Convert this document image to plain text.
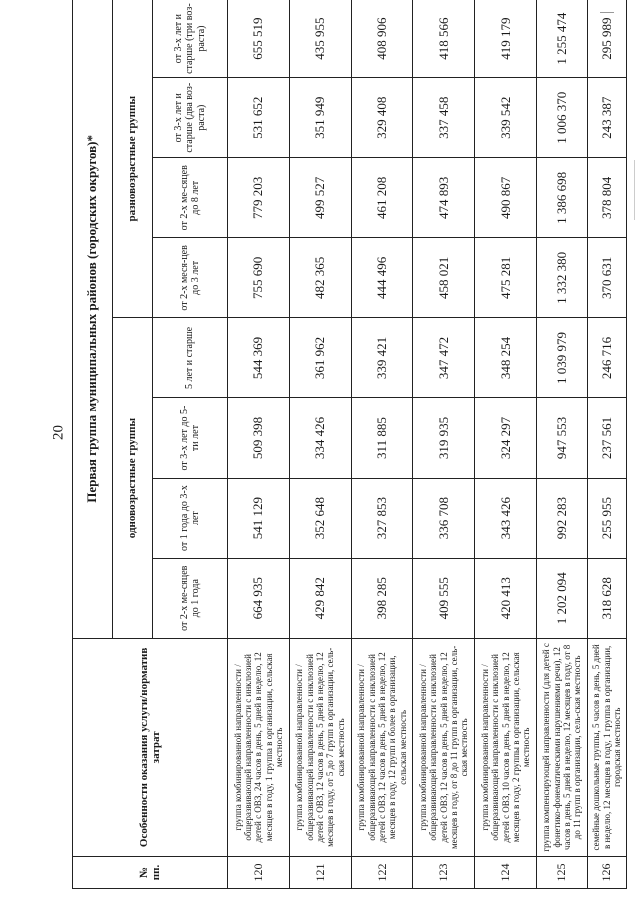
20
№ пп.	Особенности оказания услуги/норматив затрат	Первая группа муниципальных районов (городских округов)*							
		одновозрастные группы				разновозрастные группы			
		от 2-х ме-сяцев до 1 года	от 1 года до 3-х лет	от 3-х лет до 5-ти лет	5 лет и старше	от 2-х меся-цев до 3 лет	от 2-х ме-сяцев до 8 лет	от 3-х лет и старше (два воз-раста)	от 3-х лет и старше (три воз-раста)
120	группа комбинированной направленности / общеразвивающей направленности с инклюзией детей с ОВЗ, 24 часов в день, 5 дней в неделю, 12 месяцев в году, 1 группа в организации, сельская местность	664 935	541 129	509 398	544 369	755 690	779 203	531 652	655 519
121	группа комбинированной направленности / общеразвивающей направленности с инклюзией детей с ОВЗ, 12 часов в день, 5 дней в неделю, 12 месяцев в году, от 5 до 7 групп в организации, сель-ская местность	429 842	352 648	334 426	361 962	482 365	499 527	351 949	435 955
122	группа комбинированной направленности / общеразвивающей направленности с инклюзией детей с ОВЗ, 12 часов в день, 5 дней в неделю, 12 месяцев в году, 12 групп и более в организации, сельская местность	398 285	327 853	311 885	339 421	444 496	461 208	329 408	408 906
123	группа комбинированной направленности / общеразвивающей направленности с инклюзией детей с ОВЗ, 12 часов в день, 5 дней в неделю, 12 месяцев в году, от 8 до 11 групп в организации, сель-ская местность	409 555	336 708	319 935	347 472	458 021	474 893	337 458	418 566
124	группа комбинированной направленности / общеразвивающей направленности с инклюзией детей с ОВЗ, 10 часов в день, 5 дней в неделю, 12 месяцев в году, 2 группы в организации, сельская местность	420 413	343 426	324 297	348 254	475 281	490 867	339 542	419 179
125	группа компенсирующей направленности (для детей с фонетико-фонематическими нарушениями речи), 12 часов в день, 5 дней в неделю, 12 месяцев в году, от 8 до 11 групп в организации, сель-ская местность	1 202 094	992 283	947 553	1 039 979	1 332 380	1 386 698	1 006 370	1 255 474
126	семейные дошкольные группы, 5 часов в день, 5 дней в неделю, 12 месяцев в году, 1 группа в организации, городская местность	318 628	255 955	237 561	246 716	370 631	378 804	243 387	295 989
